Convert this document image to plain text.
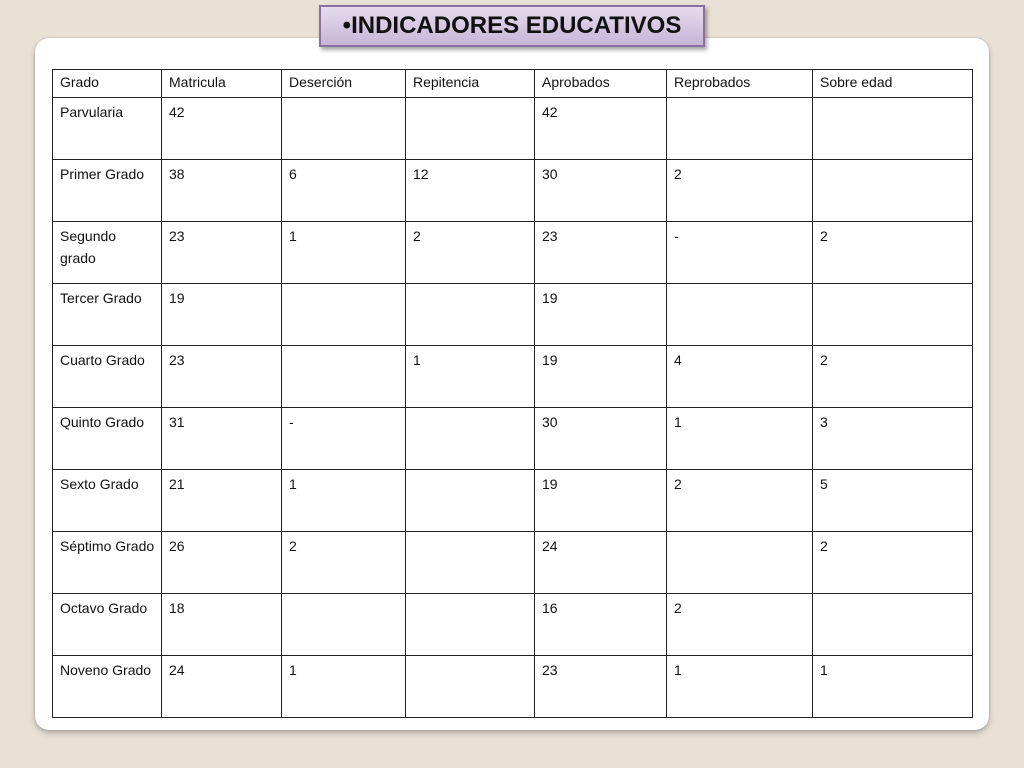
•INDICADORES EDUCATIVOS
Grado	Matricula	Deserción	Repitencia	Aprobados	Reprobados	Sobre edad
Parvularia	42			42		
Primer Grado	38	6	12	30	2	
Segundo grado	23	1	2	23	-	2
Tercer Grado	19			19		
Cuarto Grado	23		1	19	4	2
Quinto Grado	31	-		30	1	3
Sexto Grado	21	1		19	2	5
Séptimo Grado	26	2		24		2
Octavo Grado	18			16	2	
Noveno Grado	24	1		23	1	1
